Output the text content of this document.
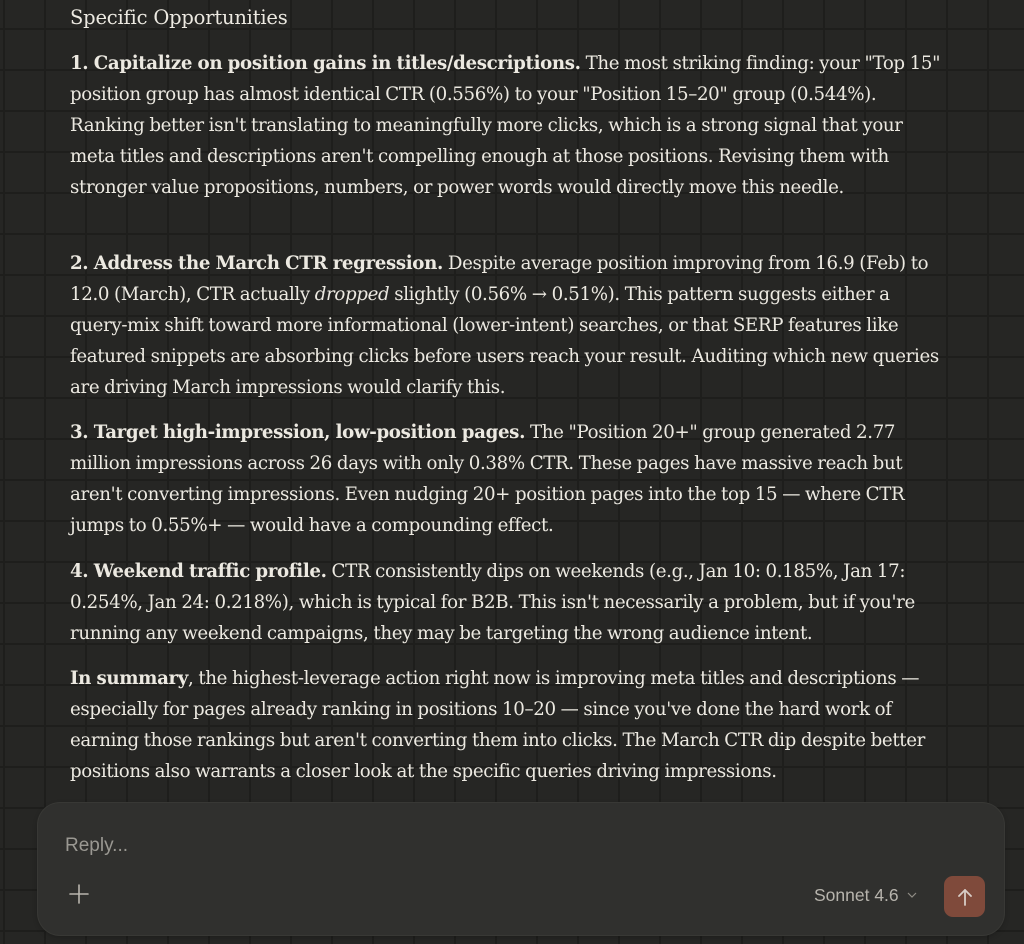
Specific Opportunities

1. Capitalize on position gains in titles/descriptions. The most striking finding: your "Top 15" position group has almost identical CTR (0.556%) to your "Position 15–20" group (0.544%). Ranking better isn't translating to meaningfully more clicks, which is a strong signal that your meta titles and descriptions aren't compelling enough at those positions. Revising them with stronger value propositions, numbers, or power words would directly move this needle.

2. Address the March CTR regression. Despite average position improving from 16.9 (Feb) to 12.0 (March), CTR actually dropped slightly (0.56% → 0.51%). This pattern suggests either a query-mix shift toward more informational (lower-intent) searches, or that SERP features like featured snippets are absorbing clicks before users reach your result. Auditing which new queries are driving March impressions would clarify this.

3. Target high-impression, low-position pages. The "Position 20+" group generated 2.77 million impressions across 26 days with only 0.38% CTR. These pages have massive reach but aren't converting impressions. Even nudging 20+ position pages into the top 15 — where CTR jumps to 0.55%+ — would have a compounding effect.

4. Weekend traffic profile. CTR consistently dips on weekends (e.g., Jan 10: 0.185%, Jan 17: 0.254%, Jan 24: 0.218%), which is typical for B2B. This isn't necessarily a problem, but if you're running any weekend campaigns, they may be targeting the wrong audience intent.

In summary, the highest-leverage action right now is improving meta titles and descriptions — especially for pages already ranking in positions 10–20 — since you've done the hard work of earning those rankings but aren't converting them into clicks. The March CTR dip despite better positions also warrants a closer look at the specific queries driving impressions.

Reply...
Sonnet 4.6
